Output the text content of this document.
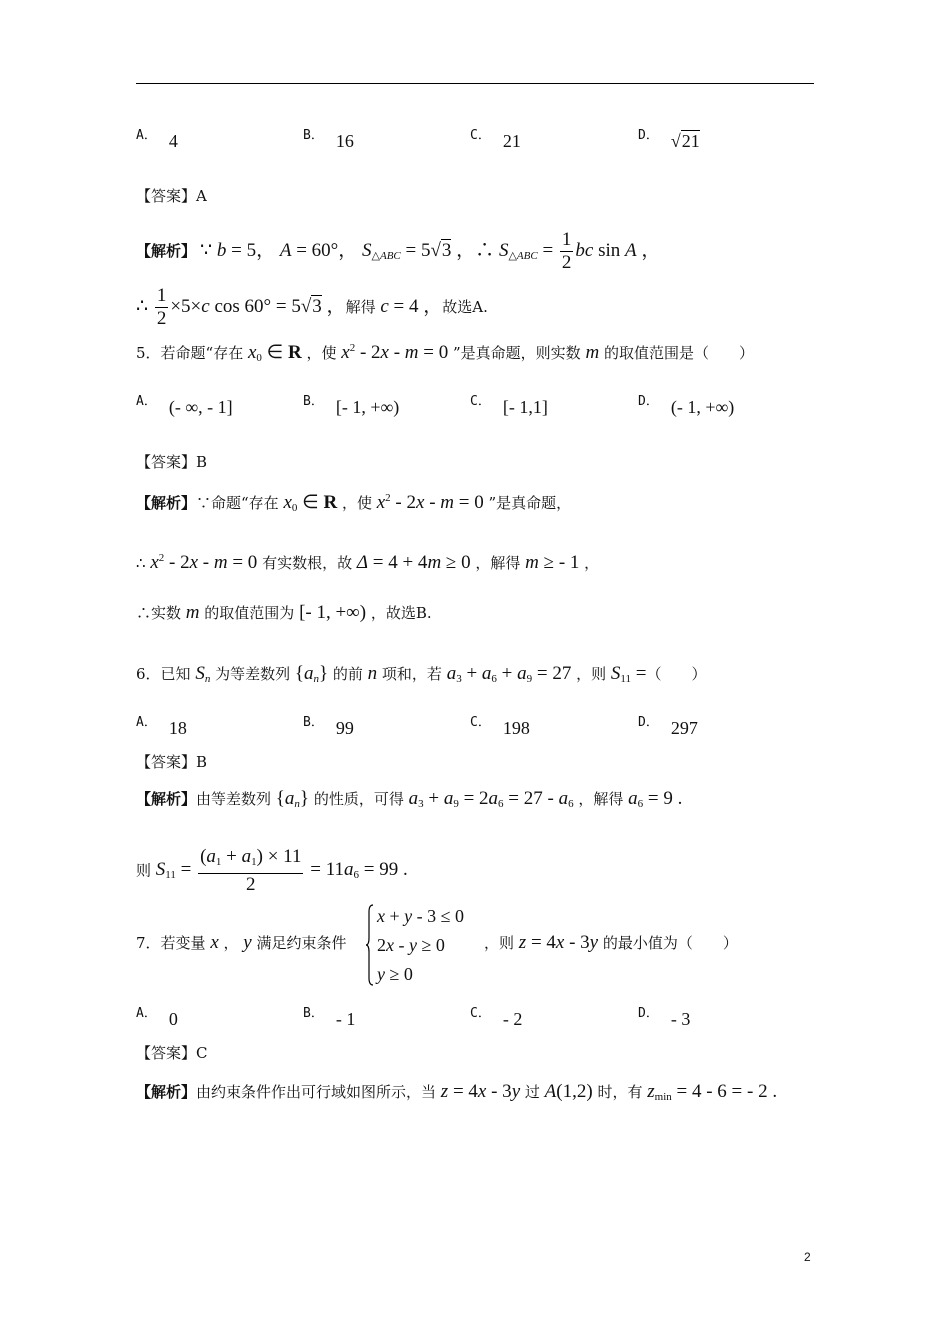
$^{A.}$ 4	$^{B.}$ 16	$^{C.}$ 21	$^{D.}$ √21
【答案】A
【解析】 ∵ b = 5， A = 60°， $S_{\triangle ABC} = 5√3$ ，∴ $S_{\triangle ABC} = \frac{1}{2}$ bc sin A ，
∴ $\frac{1}{2} \times 5\times c$ cos 60° = 5√3 ，解得 c = 4 ，故选A.
5．若命题“存在 $x_0$ ∈ R ，使 $x^2 - 2x - m = 0$ ”是真命题，则实数 m 的取值范围是（　　）
$^{A.}$ (- ∞, - 1]	$^{B.}$ [- 1, +∞)	$^{C.}$ [- 1,1]	$^{D.}$ (- 1, +∞)
【答案】B
【解析】∵命题“存在 $x_0$ ∈ R ，使 $x^2 - 2x - m = 0$ ”是真命题，
∴ $x^2 - 2x - m = 0$ 有实数根，故 Δ = 4 + 4m ≥ 0 ，解得 m ≥ - 1 ，
∴实数 m 的取值范围为 [- 1, +∞) ，故选B.
6．已知 $S_n$ 为等差数列 $\{a_n\}$ 的前 n 项和，若 $a_3 + a_6 + a_9 = 27$ ，则 $S_{11}$ =（　　）
$^{A.}$ 18	$^{B.}$ 99	$^{C.}$ 198	$^{D.}$ 297
【答案】B
【解析】由等差数列 $\{a_n\}$ 的性质，可得 $a_3 + a_9 = 2a_6 = 27 - a_6$ ，解得 $a_6 = 9$ .
则 $S_{11} = \frac{(a_1 + a_1) \times 11}{2} = 11a_6 = 99$ .
7．若变量 x ， y 满足约束条件
x + y - 3 ≤ 0
2x - y ≥ 0
y ≥ 0
，则 z = 4x - 3y 的最小值为（　　）
$^{A.}$ 0	$^{B.}$ - 1	$^{C.}$ - 2	$^{D.}$ - 3
【答案】C
【解析】由约束条件作出可行域如图所示，当 z = 4x - 3y 过 A(1,2) 时，有 $z_{min} = 4 - 6$ = - 2 .
2
